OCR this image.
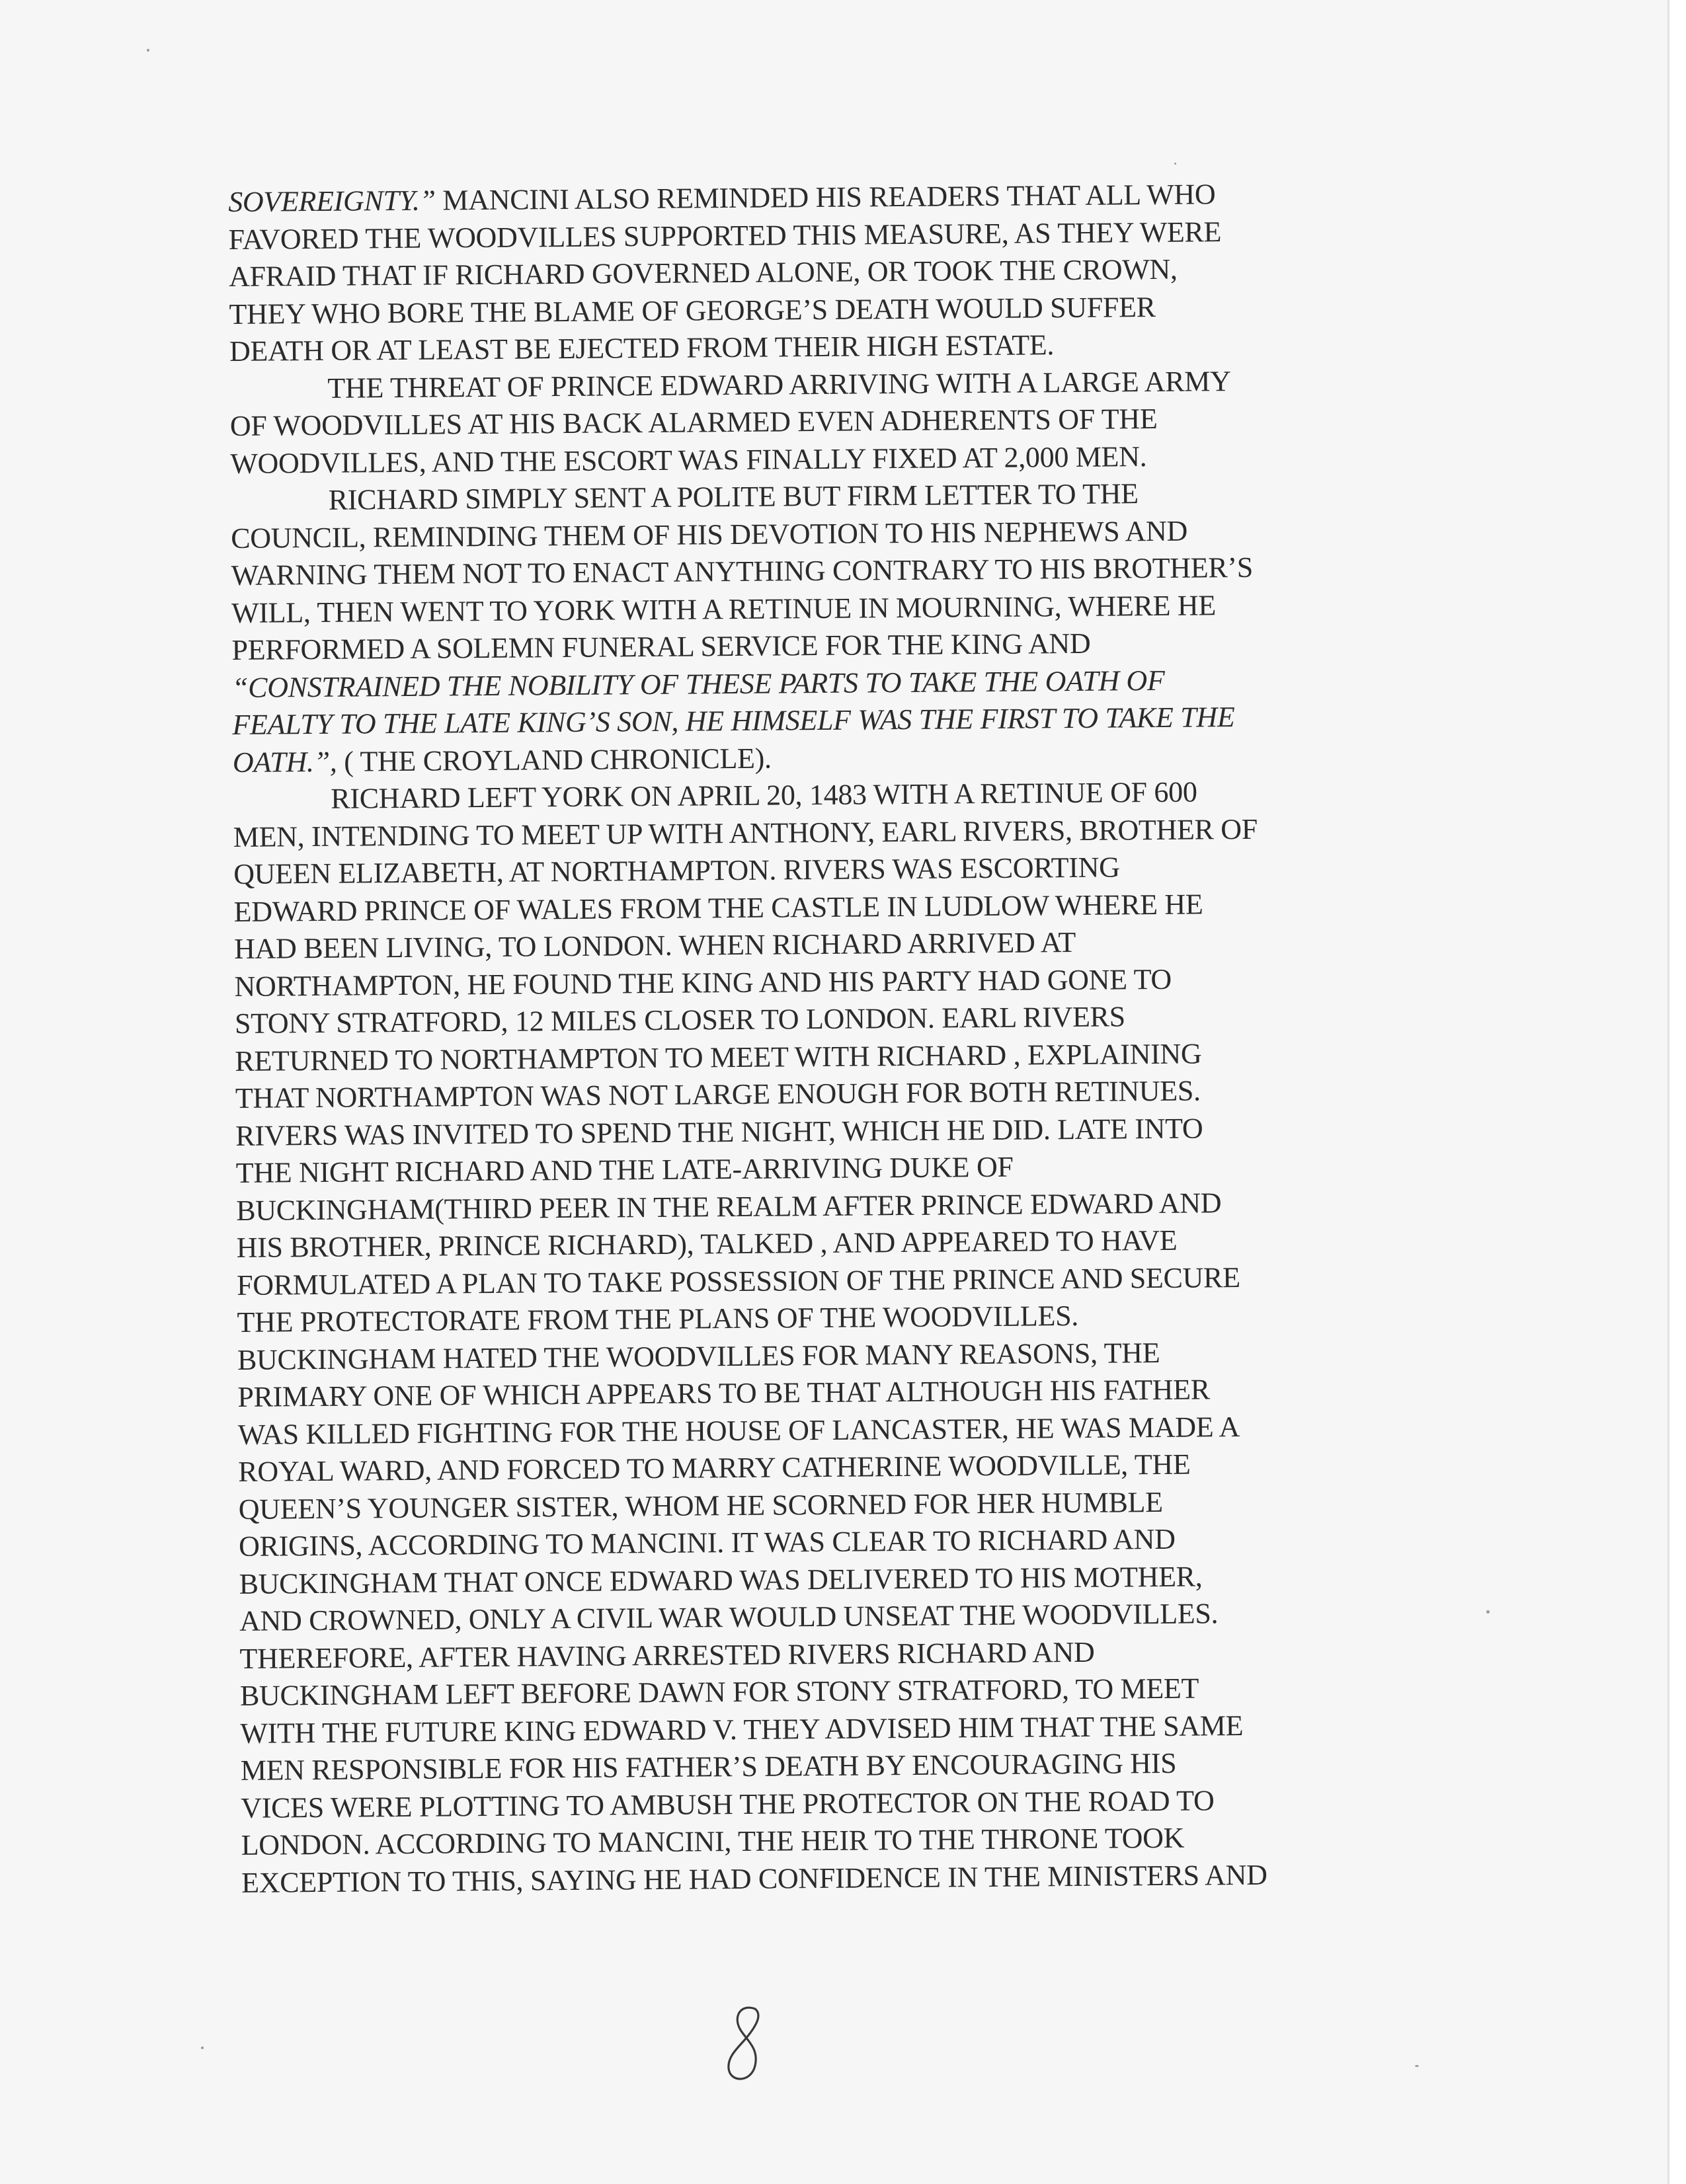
SOVEREIGNTY.” MANCINI ALSO REMINDED HIS READERS THAT ALL WHO
FAVORED THE WOODVILLES SUPPORTED THIS MEASURE, AS THEY WERE
AFRAID THAT IF RICHARD GOVERNED ALONE, OR TOOK THE CROWN,
THEY WHO BORE THE BLAME OF GEORGE’S DEATH WOULD SUFFER
DEATH OR AT LEAST BE EJECTED FROM THEIR HIGH ESTATE.
THE THREAT OF PRINCE EDWARD ARRIVING WITH A LARGE ARMY
OF WOODVILLES AT HIS BACK ALARMED EVEN ADHERENTS OF THE
WOODVILLES, AND THE ESCORT WAS FINALLY FIXED AT 2,000 MEN.
RICHARD SIMPLY SENT A POLITE BUT FIRM LETTER TO THE
COUNCIL, REMINDING THEM OF HIS DEVOTION TO HIS NEPHEWS AND
WARNING THEM NOT TO ENACT ANYTHING CONTRARY TO HIS BROTHER’S
WILL, THEN WENT TO YORK WITH A RETINUE IN MOURNING, WHERE HE
PERFORMED A SOLEMN FUNERAL SERVICE FOR THE KING AND
“CONSTRAINED THE NOBILITY OF THESE PARTS TO TAKE THE OATH OF
FEALTY TO THE LATE KING’S SON, HE HIMSELF WAS THE FIRST TO TAKE THE
OATH.”, ( THE CROYLAND CHRONICLE).
RICHARD LEFT YORK ON APRIL 20, 1483 WITH A RETINUE OF 600
MEN, INTENDING TO MEET UP WITH ANTHONY, EARL RIVERS, BROTHER OF
QUEEN ELIZABETH, AT NORTHAMPTON. RIVERS WAS ESCORTING
EDWARD PRINCE OF WALES FROM THE CASTLE IN LUDLOW WHERE HE
HAD BEEN LIVING, TO LONDON. WHEN RICHARD ARRIVED AT
NORTHAMPTON, HE FOUND THE KING AND HIS PARTY HAD GONE TO
STONY STRATFORD, 12 MILES CLOSER TO LONDON. EARL RIVERS
RETURNED TO NORTHAMPTON TO MEET WITH RICHARD , EXPLAINING
THAT NORTHAMPTON WAS NOT LARGE ENOUGH FOR BOTH RETINUES.
RIVERS WAS INVITED TO SPEND THE NIGHT, WHICH HE DID. LATE INTO
THE NIGHT RICHARD AND THE LATE-ARRIVING DUKE OF
BUCKINGHAM(THIRD PEER IN THE REALM AFTER PRINCE EDWARD AND
HIS BROTHER, PRINCE RICHARD), TALKED , AND APPEARED TO HAVE
FORMULATED A PLAN TO TAKE POSSESSION OF THE PRINCE AND SECURE
THE PROTECTORATE FROM THE PLANS OF THE WOODVILLES.
BUCKINGHAM HATED THE WOODVILLES FOR MANY REASONS, THE
PRIMARY ONE OF WHICH APPEARS TO BE THAT ALTHOUGH HIS FATHER
WAS KILLED FIGHTING FOR THE HOUSE OF LANCASTER, HE WAS MADE A
ROYAL WARD, AND FORCED TO MARRY CATHERINE WOODVILLE, THE
QUEEN’S YOUNGER SISTER, WHOM HE SCORNED FOR HER HUMBLE
ORIGINS, ACCORDING TO MANCINI. IT WAS CLEAR TO RICHARD AND
BUCKINGHAM THAT ONCE EDWARD WAS DELIVERED TO HIS MOTHER,
AND CROWNED, ONLY A CIVIL WAR WOULD UNSEAT THE WOODVILLES.
THEREFORE, AFTER HAVING ARRESTED RIVERS RICHARD AND
BUCKINGHAM LEFT BEFORE DAWN FOR STONY STRATFORD, TO MEET
WITH THE FUTURE KING EDWARD V. THEY ADVISED HIM THAT THE SAME
MEN RESPONSIBLE FOR HIS FATHER’S DEATH BY ENCOURAGING HIS
VICES WERE PLOTTING TO AMBUSH THE PROTECTOR ON THE ROAD TO
LONDON. ACCORDING TO MANCINI, THE HEIR TO THE THRONE TOOK
EXCEPTION TO THIS, SAYING HE HAD CONFIDENCE IN THE MINISTERS AND
